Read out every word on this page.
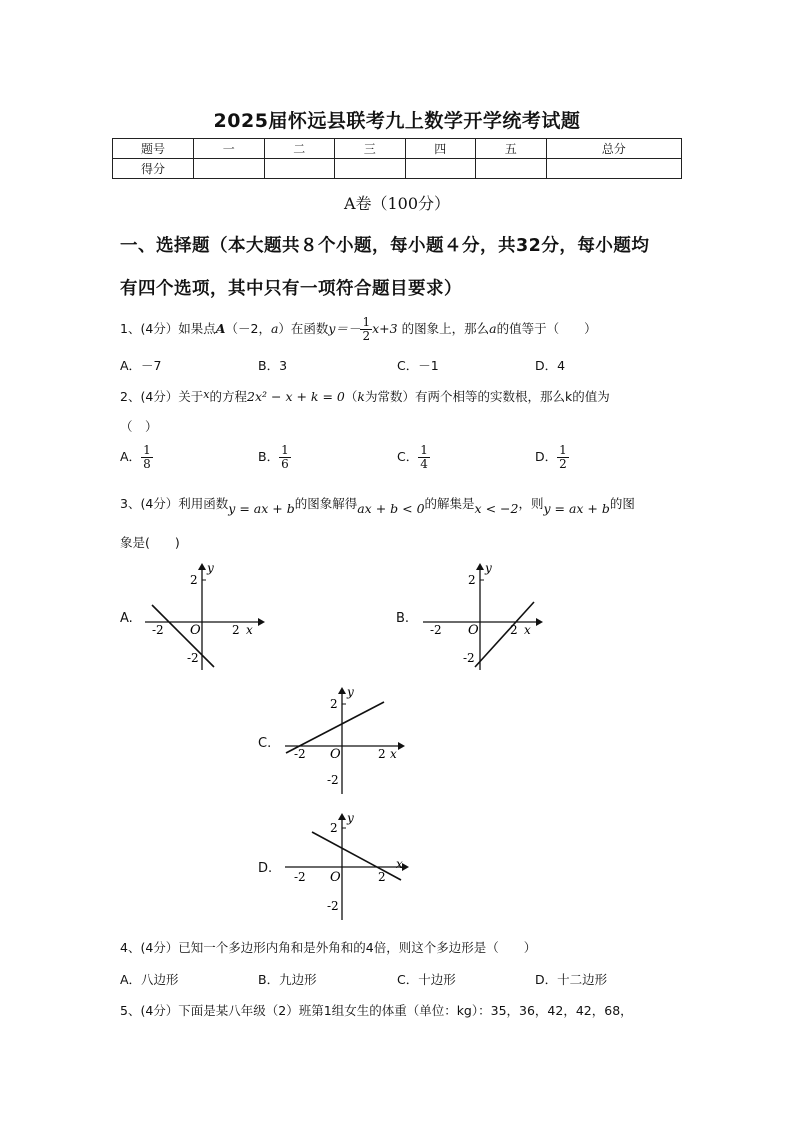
2025届怀远县联考九上数学开学统考试题
题号	一	二	三	四	五	总分
得分						
A卷（100分）
一、选择题（本大题共８个小题，每小题４分，共32分，每小题均
有四个选项，其中只有一项符合题目要求）
1、(4分）如果点A（－2，a）在函数$y=- \frac{1}{2} x+3$ 的图象上，那么a的值等于（　　）
A．－7	B．3	C．－1	D．4
2、(4分）关于x的方程2x² − x + k = 0（k为常数）有两个相等的实数根，那么k的值为
（　）
A． $\frac{1}{8}$	B． $\frac{1}{6}$	C． $\frac{1}{4}$	D． $\frac{1}{2}$
3、(4分）利用函数y = ax + b的图象解得ax + b < 0的解集是x < −2，则y = ax + b的图
象是(　　)
A.	B.
C.
D.
2
y
-2 O	2 x
-2
2
y
-2 O	2 x
-2
2
y
-2 O	2 x
-2
2
y
-2 O	2
x
-2
4、(4分）已知一个多边形内角和是外角和的4倍，则这个多边形是（　　）
A．八边形	B．九边形	C．十边形	D．十二边形
5、(4分）下面是某八年级（2）班第1组女生的体重（单位：kg）：35，36，42，42，68，
